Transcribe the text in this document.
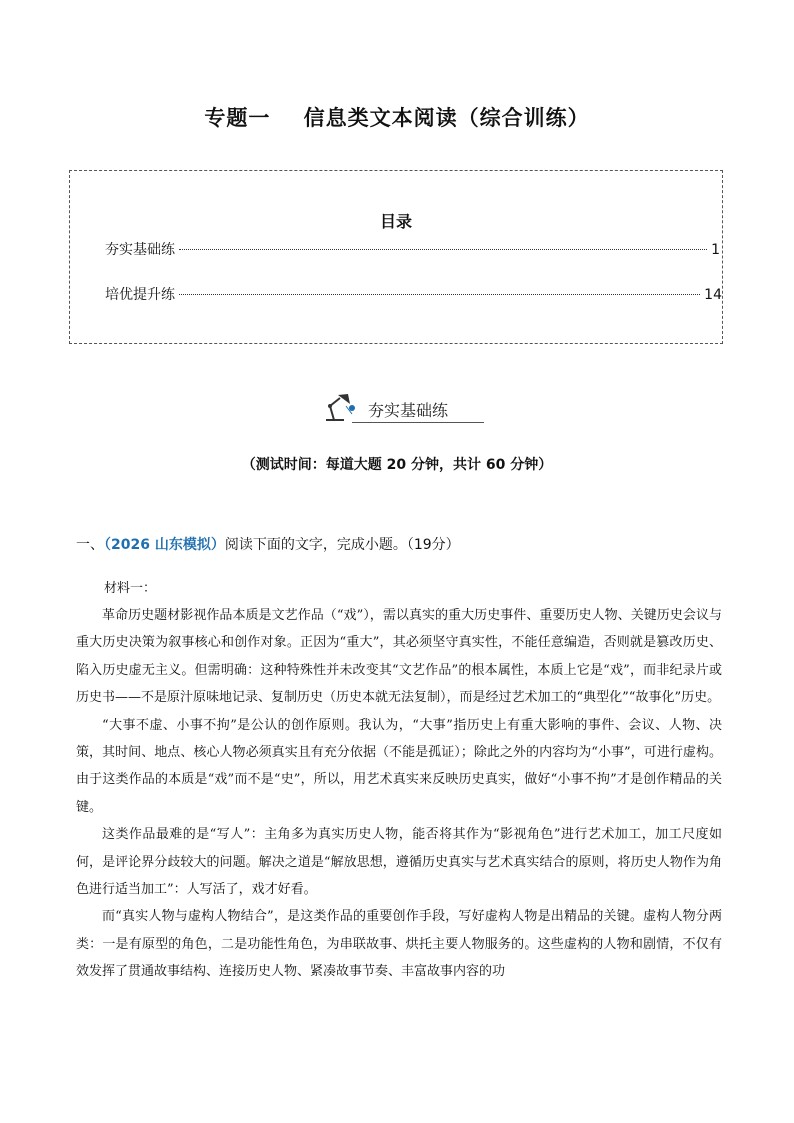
专题一    信息类文本阅读（综合训练）
目录
夯实基础练	1
培优提升练	14
夯实基础练
（测试时间：每道大题 20 分钟，共计 60 分钟）
一、（2026 山东模拟）阅读下面的文字，完成小题。（19分）
材料一：

革命历史题材影视作品本质是文艺作品（“戏”），需以真实的重大历史事件、重要历史人物、关键历史会议与重大历史决策为叙事核心和创作对象。正因为“重大”，其必须坚守真实性，不能任意编造，否则就是篡改历史、陷入历史虚无主义。但需明确：这种特殊性并未改变其“文艺作品”的根本属性，本质上它是“戏”，而非纪录片或历史书——不是原汁原味地记录、复制历史（历史本就无法复制），而是经过艺术加工的“典型化”“故事化”历史。

“大事不虚、小事不拘”是公认的创作原则。我认为，“大事”指历史上有重大影响的事件、会议、人物、决策，其时间、地点、核心人物必须真实且有充分依据（不能是孤证）；除此之外的内容均为“小事”，可进行虚构。由于这类作品的本质是“戏”而不是“史”，所以，用艺术真实来反映历史真实，做好“小事不拘”才是创作精品的关键。

这类作品最难的是“写人”：主角多为真实历史人物，能否将其作为“影视角色”进行艺术加工，加工尺度如何，是评论界分歧较大的问题。解决之道是“解放思想，遵循历史真实与艺术真实结合的原则，将历史人物作为角色进行适当加工”：人写活了，戏才好看。

而“真实人物与虚构人物结合”，是这类作品的重要创作手段，写好虚构人物是出精品的关键。虚构人物分两类：一是有原型的角色，二是功能性角色，为串联故事、烘托主要人物服务的。这些虚构的人物和剧情，不仅有效发挥了贯通故事结构、连接历史人物、紧凑故事节奏、丰富故事内容的功
